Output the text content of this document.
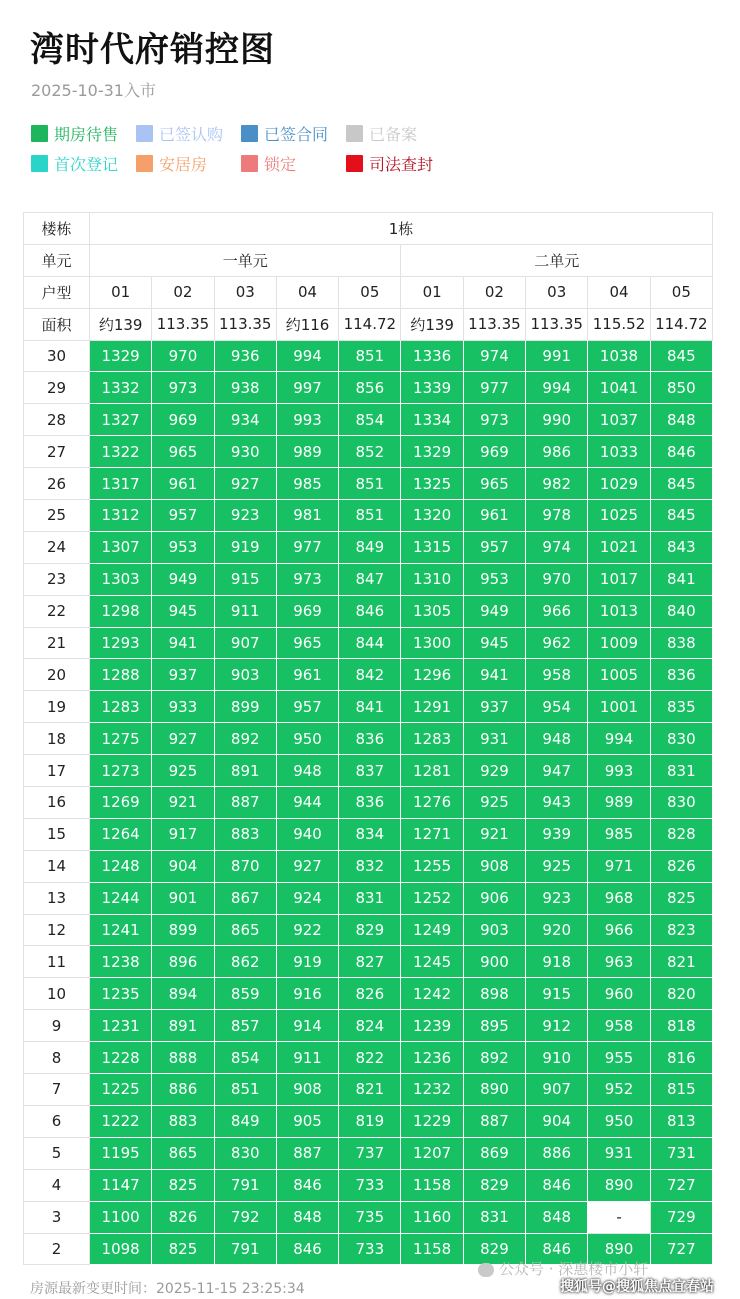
湾时代府销控图
2025-10-31入市
期房待售	已签认购	已签合同	已备案
首次登记	安居房	锁定	司法查封
楼栋	1栋									
单元	一单元					二单元				
户型	01	02	03	04	05	01	02	03	04	05
面积	约139	113.35	113.35	约116	114.72	约139	113.35	113.35	115.52	114.72
30	1329	970	936	994	851	1336	974	991	1038	845
29	1332	973	938	997	856	1339	977	994	1041	850
28	1327	969	934	993	854	1334	973	990	1037	848
27	1322	965	930	989	852	1329	969	986	1033	846
26	1317	961	927	985	851	1325	965	982	1029	845
25	1312	957	923	981	851	1320	961	978	1025	845
24	1307	953	919	977	849	1315	957	974	1021	843
23	1303	949	915	973	847	1310	953	970	1017	841
22	1298	945	911	969	846	1305	949	966	1013	840
21	1293	941	907	965	844	1300	945	962	1009	838
20	1288	937	903	961	842	1296	941	958	1005	836
19	1283	933	899	957	841	1291	937	954	1001	835
18	1275	927	892	950	836	1283	931	948	994	830
17	1273	925	891	948	837	1281	929	947	993	831
16	1269	921	887	944	836	1276	925	943	989	830
15	1264	917	883	940	834	1271	921	939	985	828
14	1248	904	870	927	832	1255	908	925	971	826
13	1244	901	867	924	831	1252	906	923	968	825
12	1241	899	865	922	829	1249	903	920	966	823
11	1238	896	862	919	827	1245	900	918	963	821
10	1235	894	859	916	826	1242	898	915	960	820
9	1231	891	857	914	824	1239	895	912	958	818
8	1228	888	854	911	822	1236	892	910	955	816
7	1225	886	851	908	821	1232	890	907	952	815
6	1222	883	849	905	819	1229	887	904	950	813
5	1195	865	830	887	737	1207	869	886	931	731
4	1147	825	791	846	733	1158	829	846	890	727
3	1100	826	792	848	735	1160	831	848	-	729
2	1098	825	791	846	733	1158	829	846	890	727
房源最新变更时间：2025-11-15 23:25:34
公众号 · 深惠楼市小轩
搜狐号@搜狐焦点宜春站
